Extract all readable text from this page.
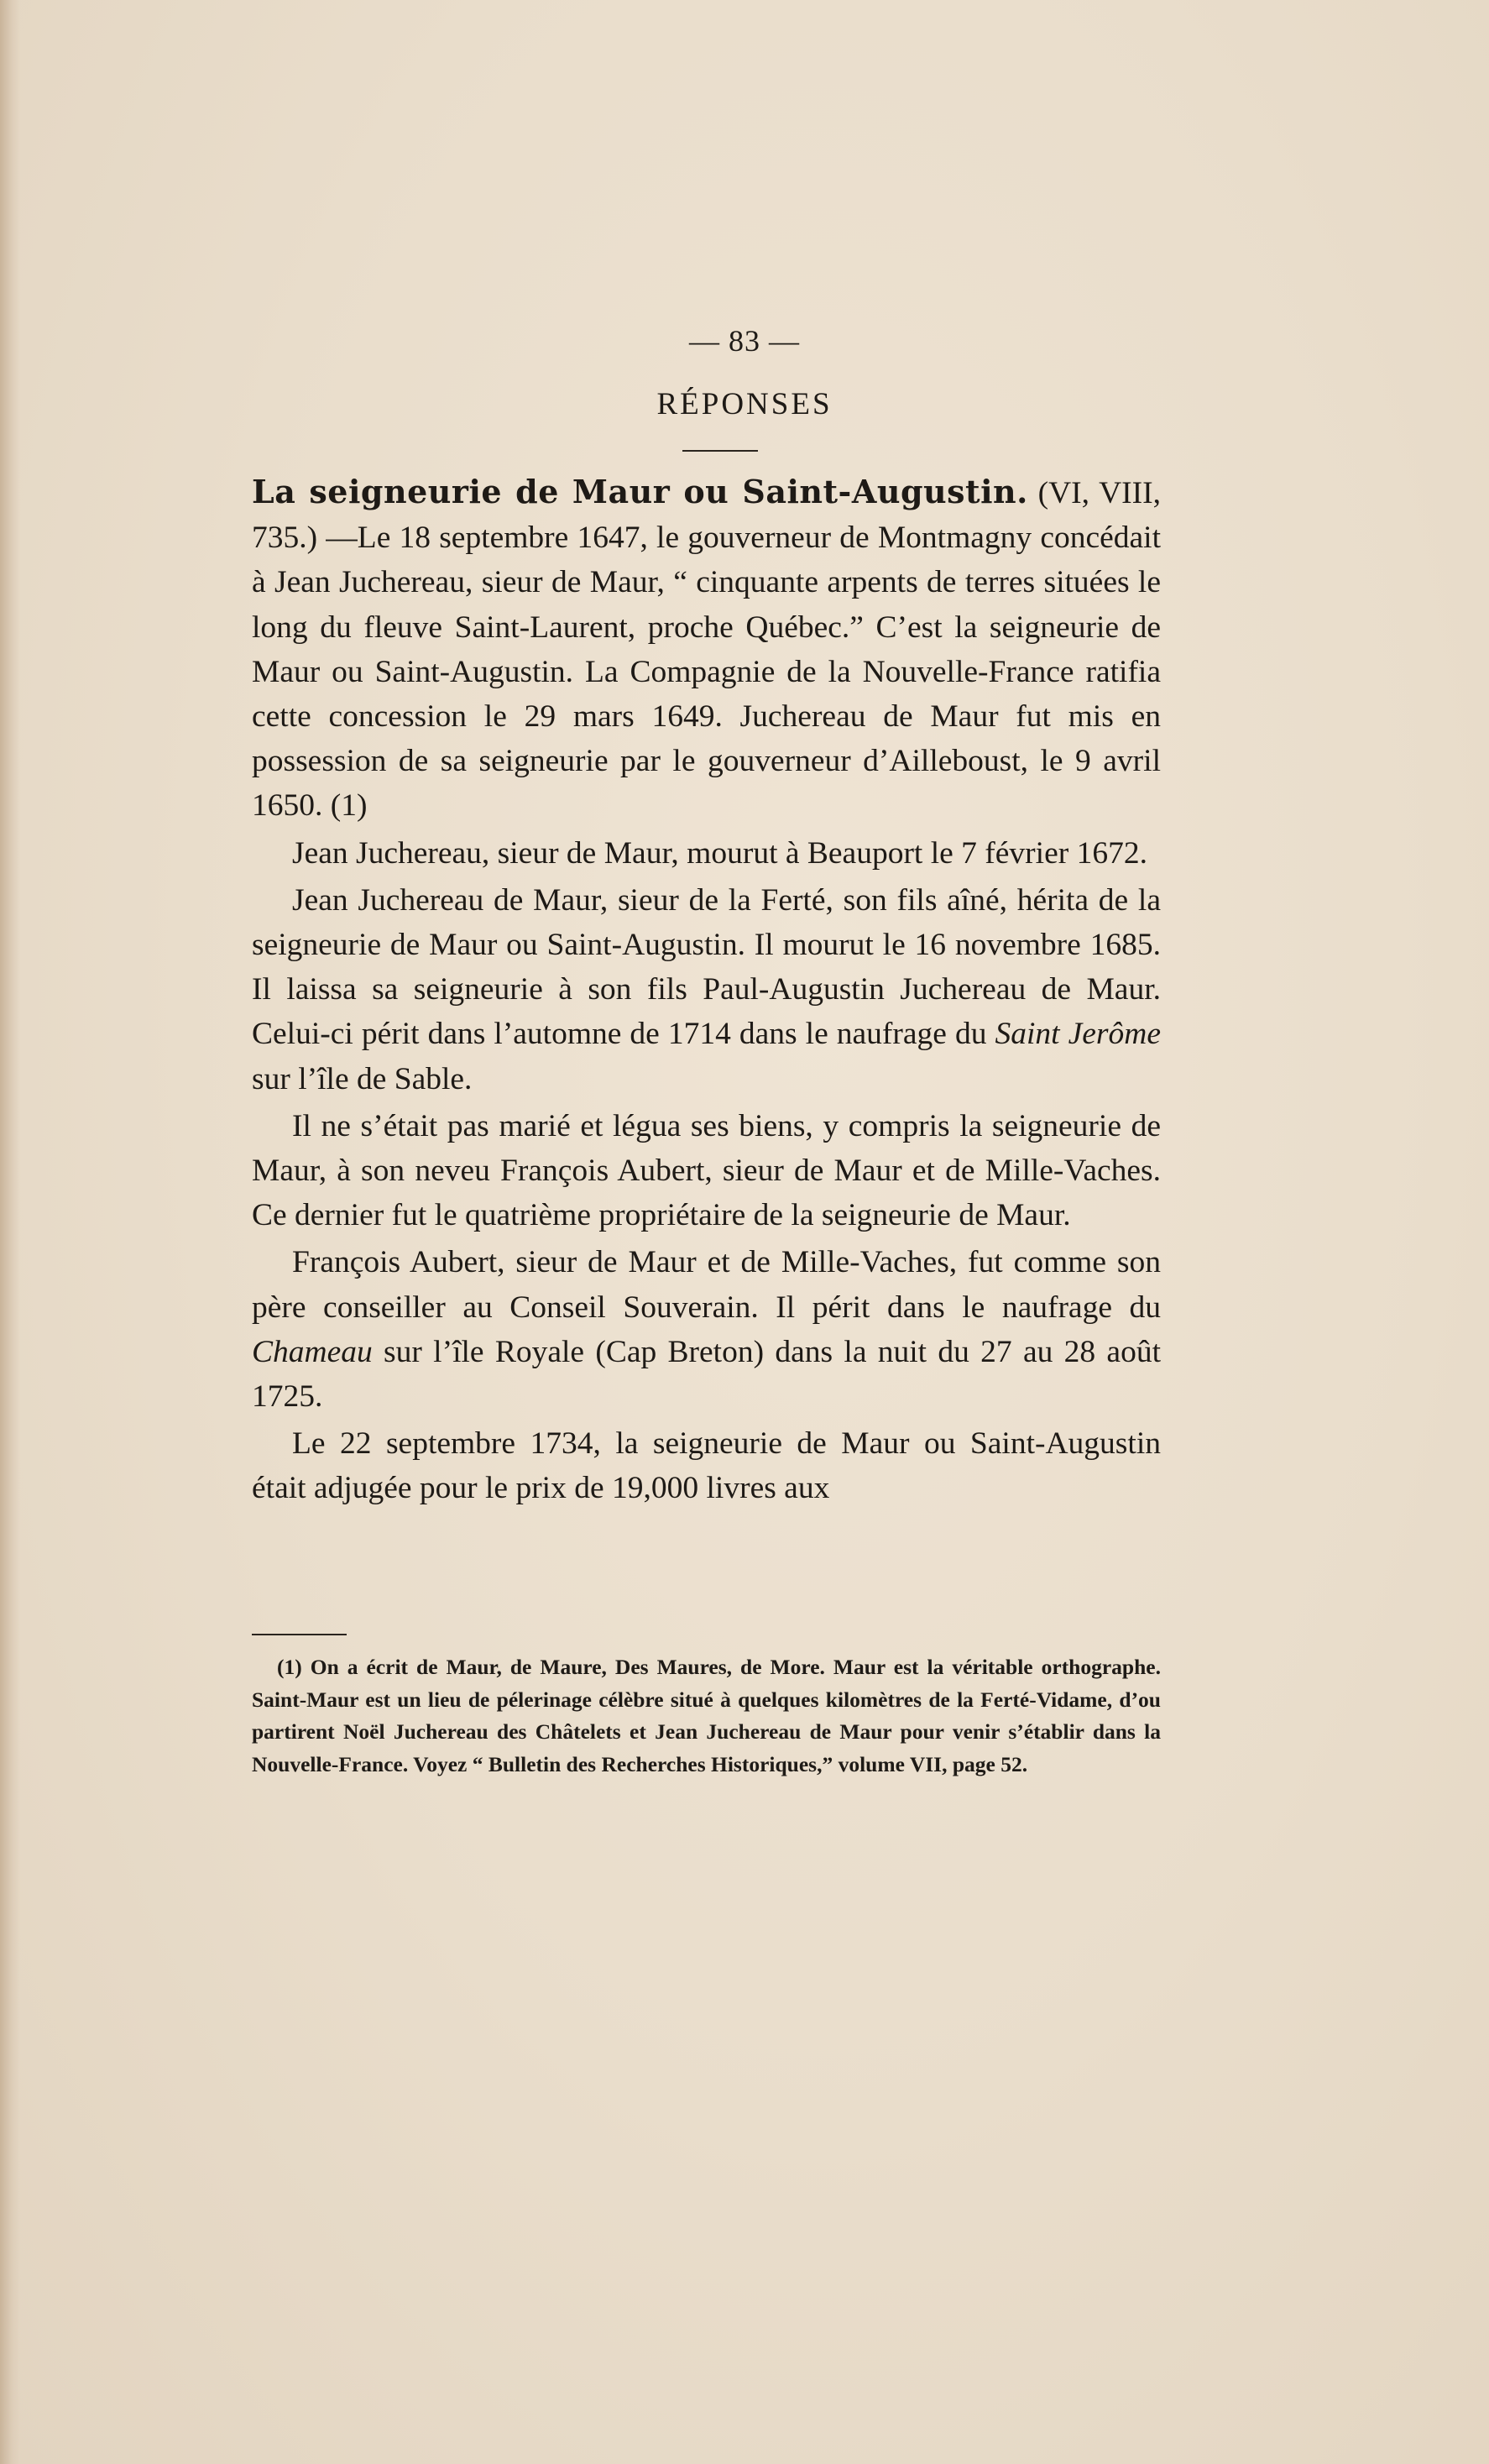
— 83 —
RÉPONSES

La seigneurie de Maur ou Saint-Augustin. (VI, VIII, 735.) —Le 18 septembre 1647, le gouverneur de Montmagny concédait à Jean Juchereau, sieur de Maur, “ cinquante arpents de terres situées le long du fleuve Saint-Laurent, proche Québec.” C’est la seigneurie de Maur ou Saint-Augustin. La Compagnie de la Nouvelle-France ratifia cette concession le 29 mars 1649. Juchereau de Maur fut mis en possession de sa seigneurie par le gouverneur d’Ailleboust, le 9 avril 1650. (1)

Jean Juchereau, sieur de Maur, mourut à Beauport le 7 février 1672.

Jean Juchereau de Maur, sieur de la Ferté, son fils aîné, hérita de la seigneurie de Maur ou Saint-Augustin. Il mourut le 16 novembre 1685. Il laissa sa seigneurie à son fils Paul-Augustin Juchereau de Maur. Celui-ci périt dans l’automne de 1714 dans le naufrage du Saint Jerôme sur l’île de Sable.

Il ne s’était pas marié et légua ses biens, y compris la seigneurie de Maur, à son neveu François Aubert, sieur de Maur et de Mille-Vaches. Ce dernier fut le quatrième propriétaire de la seigneurie de Maur.

François Aubert, sieur de Maur et de Mille-Vaches, fut comme son père conseiller au Conseil Souverain. Il périt dans le naufrage du Chameau sur l’île Royale (Cap Breton) dans la nuit du 27 au 28 août 1725.

Le 22 septembre 1734, la seigneurie de Maur ou Saint-Augustin était adjugée pour le prix de 19,000 livres aux

(1) On a écrit de Maur, de Maure, Des Maures, de More. Maur est la véritable orthographe. Saint-Maur est un lieu de pélerinage célèbre situé à quelques kilomètres de la Ferté-Vidame, d’ou partirent Noël Juchereau des Châtelets et Jean Juchereau de Maur pour venir s’établir dans la Nouvelle-France. Voyez “ Bulletin des Recherches Historiques,” volume VII, page 52.
